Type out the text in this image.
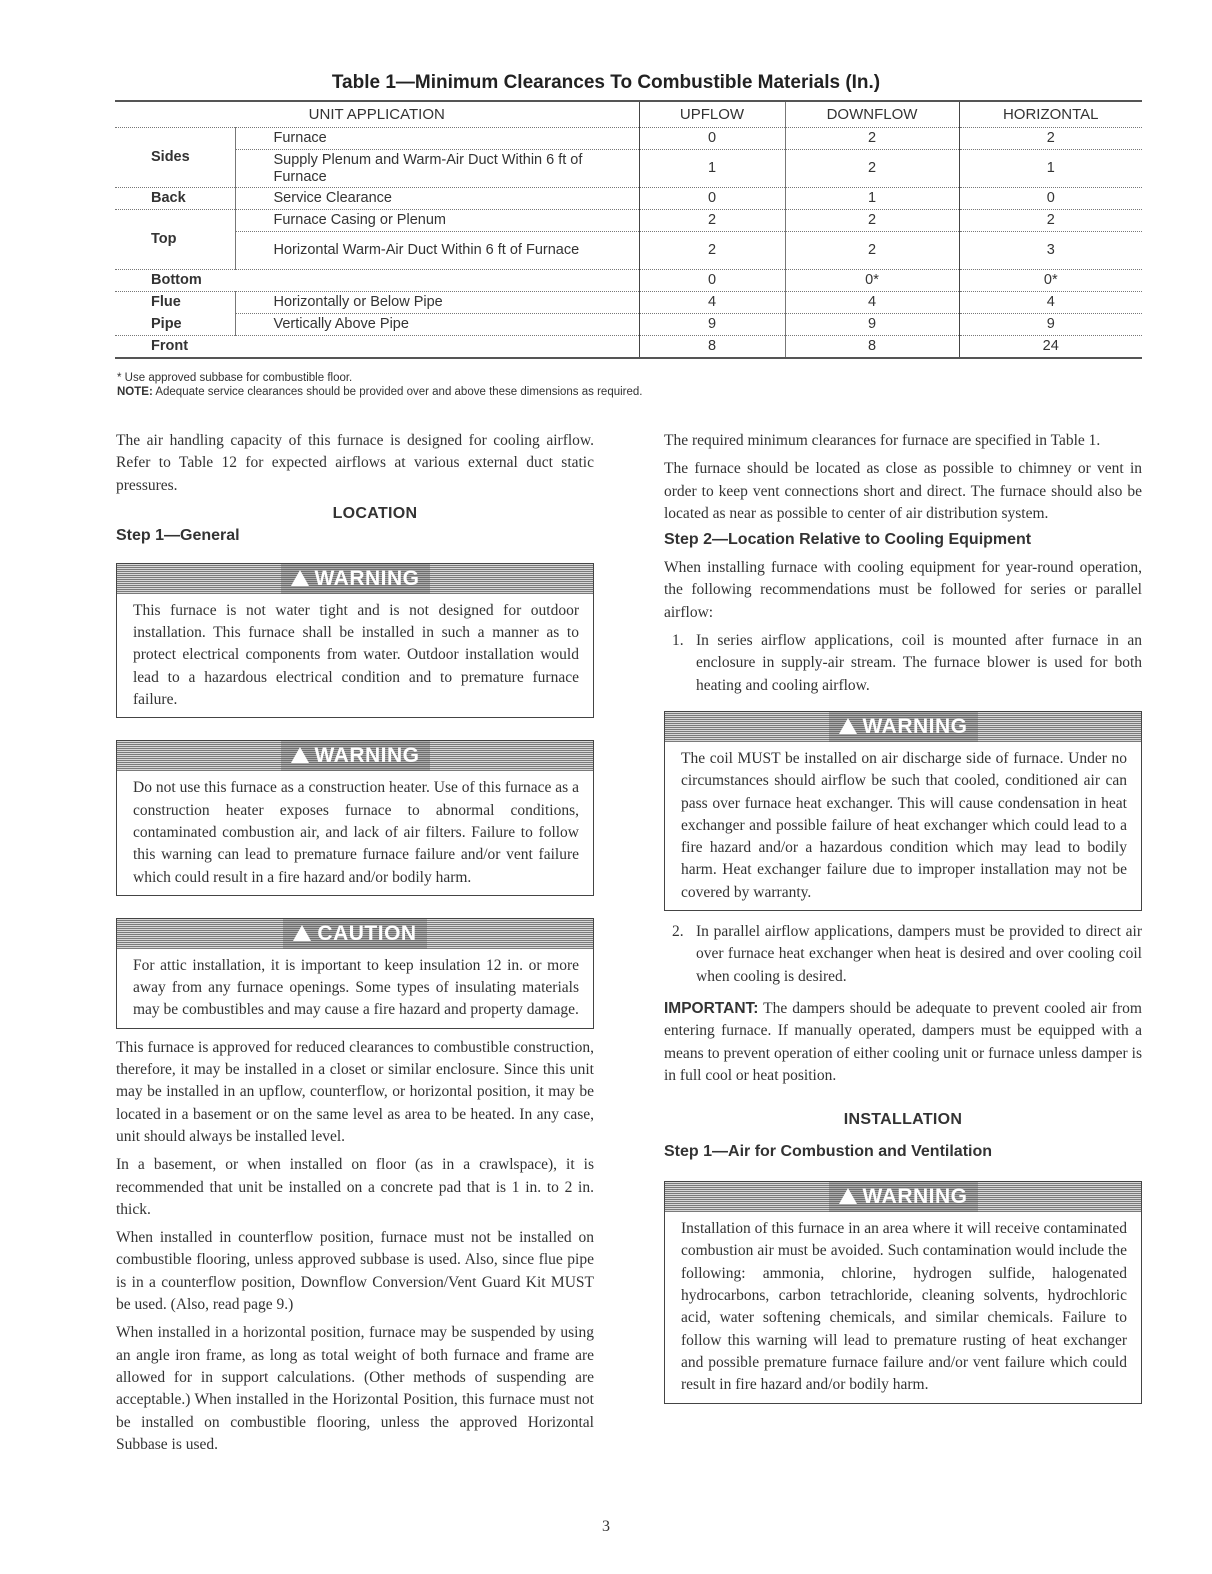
Table 1—Minimum Clearances To Combustible Materials (In.)
UNIT APPLICATION		UPFLOW	DOWNFLOW	HORIZONTAL
Sides	Furnace	0	2	2
	Supply Plenum and Warm-Air Duct Within 6 ft of Furnace	1	2	1
Back	Service Clearance	0	1	0
Top	Furnace Casing or Plenum	2	2	2
	Horizontal Warm-Air Duct Within 6 ft of Furnace	2	2	3
Bottom		0	0*	0*
Flue	Horizontally or Below Pipe	4	4	4
Pipe	Vertically Above Pipe	9	9	9
Front		8	8	24
* Use approved subbase for combustible floor.
NOTE: Adequate service clearances should be provided over and above these dimensions as required.

The air handling capacity of this furnace is designed for cooling airflow. Refer to Table 12 for expected airflows at various external duct static pressures.

LOCATION
Step 1—General
WARNING

This furnace is not water tight and is not designed for outdoor installation. This furnace shall be installed in such a manner as to protect electrical components from water. Outdoor installation would lead to a hazardous electrical condition and to premature furnace failure.

WARNING

Do not use this furnace as a construction heater. Use of this furnace as a construction heater exposes furnace to abnormal conditions, contaminated combustion air, and lack of air filters. Failure to follow this warning can lead to premature furnace failure and/or vent failure which could result in a fire hazard and/or bodily harm.

CAUTION

For attic installation, it is important to keep insulation 12 in. or more away from any furnace openings. Some types of insulating materials may be combustibles and may cause a fire hazard and property damage.

This furnace is approved for reduced clearances to combustible construction, therefore, it may be installed in a closet or similar enclosure. Since this unit may be installed in an upflow, counterflow, or horizontal position, it may be located in a basement or on the same level as area to be heated. In any case, unit should always be installed level.

In a basement, or when installed on floor (as in a crawlspace), it is recommended that unit be installed on a concrete pad that is 1 in. to 2 in. thick.

When installed in counterflow position, furnace must not be installed on combustible flooring, unless approved subbase is used. Also, since flue pipe is in a counterflow position, Downflow Conversion/Vent Guard Kit MUST be used. (Also, read page 9.)

When installed in a horizontal position, furnace may be suspended by using an angle iron frame, as long as total weight of both furnace and frame are allowed for in support calculations. (Other methods of suspending are acceptable.) When installed in the Horizontal Position, this furnace must not be installed on combustible flooring, unless the approved Horizontal Subbase is used.

The required minimum clearances for furnace are specified in Table 1.

The furnace should be located as close as possible to chimney or vent in order to keep vent connections short and direct. The furnace should also be located as near as possible to center of air distribution system.

Step 2—Location Relative to Cooling Equipment

When installing furnace with cooling equipment for year-round operation, the following recommendations must be followed for series or parallel airflow:

1. In series airflow applications, coil is mounted after furnace in an enclosure in supply-air stream. The furnace blower is used for both heating and cooling airflow.
WARNING

The coil MUST be installed on air discharge side of furnace. Under no circumstances should airflow be such that cooled, conditioned air can pass over furnace heat exchanger. This will cause condensation in heat exchanger and possible failure of heat exchanger which could lead to a fire hazard and/or a hazardous condition which may lead to bodily harm. Heat exchanger failure due to improper installation may not be covered by warranty.

2. In parallel airflow applications, dampers must be provided to direct air over furnace heat exchanger when heat is desired and over cooling coil when cooling is desired.

IMPORTANT: The dampers should be adequate to prevent cooled air from entering furnace. If manually operated, dampers must be equipped with a means to prevent operation of either cooling unit or furnace unless damper is in full cool or heat position.

INSTALLATION
Step 1—Air for Combustion and Ventilation
WARNING

Installation of this furnace in an area where it will receive contaminated combustion air must be avoided. Such contamination would include the following: ammonia, chlorine, hydrogen sulfide, halogenated hydrocarbons, carbon tetrachloride, cleaning solvents, hydrochloric acid, water softening chemicals, and similar chemicals. Failure to follow this warning will lead to premature rusting of heat exchanger and possible premature furnace failure and/or vent failure which could result in fire hazard and/or bodily harm.

3
